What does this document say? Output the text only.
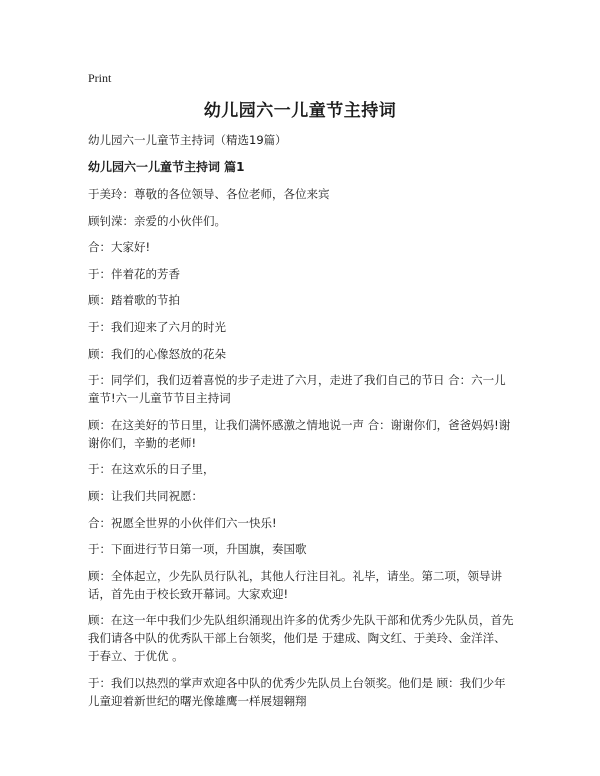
Print
幼儿园六一儿童节主持词
幼儿园六一儿童节主持词（精选19篇）
幼儿园六一儿童节主持词 篇1
于美玲：尊敬的各位领导、各位老师，各位来宾
顾钊溁：亲爱的小伙伴们。
合：大家好!
于：伴着花的芳香
顾：踏着歌的节拍
于：我们迎来了六月的时光
顾：我们的心像怒放的花朵
于：同学们，我们迈着喜悦的步子走进了六月，走进了我们自己的节日 合：六一儿童节!六一儿童节节目主持词
顾：在这美好的节日里，让我们满怀感激之情地说一声 合：谢谢你们，爸爸妈妈!谢谢你们，辛勤的老师!
于：在这欢乐的日子里，
顾：让我们共同祝愿：
合：祝愿全世界的小伙伴们六一快乐!
于：下面进行节日第一项，升国旗，奏国歌
顾：全体起立，少先队员行队礼，其他人行注目礼。礼毕，请坐。第二项，领导讲话，首先由于校长致开幕词。大家欢迎!
顾：在这一年中我们少先队组织涌现出许多的优秀少先队干部和优秀少先队员，首先我们请各中队的优秀队干部上台领奖，他们是 于建成、陶文红、于美玲、金洋洋、于春立、于优优 。
于：我们以热烈的掌声欢迎各中队的优秀少先队员上台领奖。他们是 顾：我们少年儿童迎着新世纪的曙光像雄鹰一样展翅翱翔
